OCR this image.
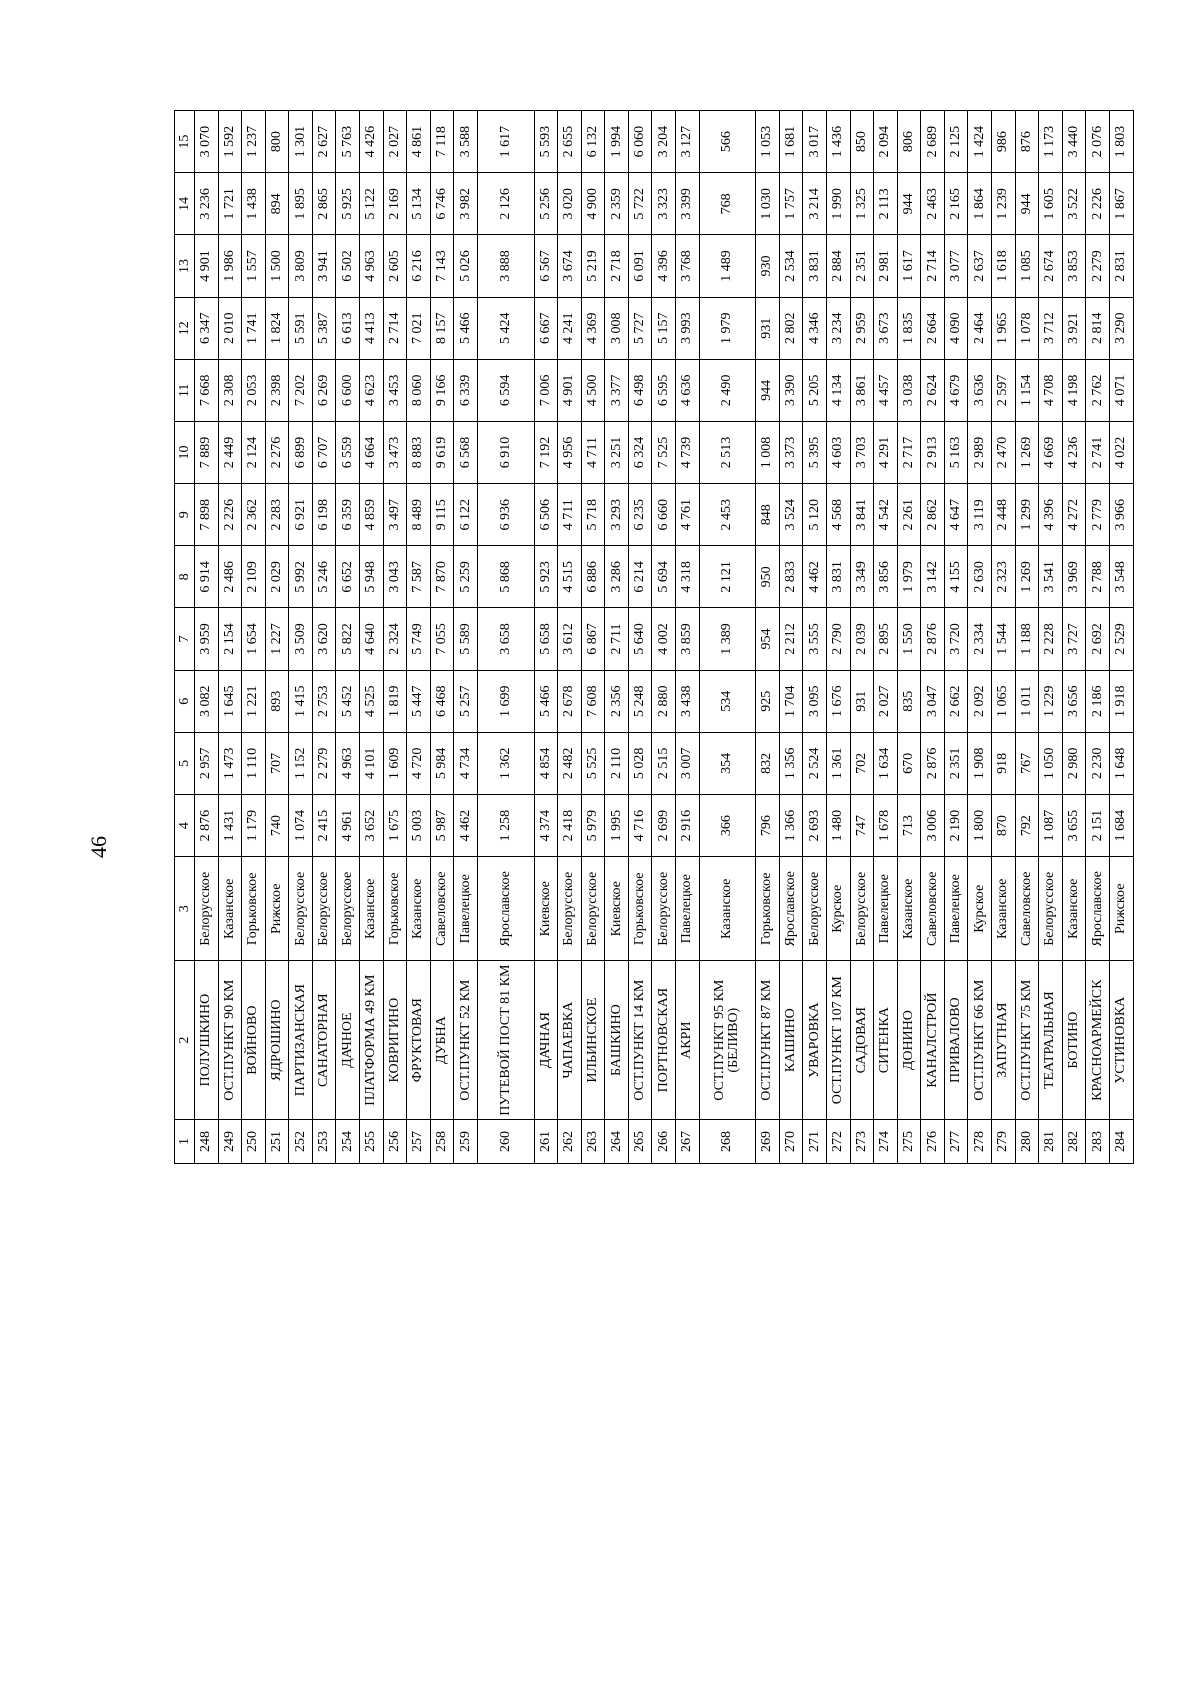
46
1	2	3	4	5	6	7	8	9	10	11	12	13	14	15
248	ПОЛУШКИНО	Белорусское	2 876	2 957	3 082	3 959	6 914	7 898	7 889	7 668	6 347	4 901	3 236	3 070
249	ОСТ.ПУНКТ 90 КМ	Казанское	1 431	1 473	1 645	2 154	2 486	2 226	2 449	2 308	2 010	1 986	1 721	1 592
250	ВОЙНОВО	Горьковское	1 179	1 110	1 221	1 654	2 109	2 362	2 124	2 053	1 741	1 557	1 438	1 237
251	ЯДРОШИНО	Рижское	740	707	893	1 227	2 029	2 283	2 276	2 398	1 824	1 500	894	800
252	ПАРТИЗАНСКАЯ	Белорусское	1 074	1 152	1 415	3 509	5 992	6 921	6 899	7 202	5 591	3 809	1 895	1 301
253	САНАТОРНАЯ	Белорусское	2 415	2 279	2 753	3 620	5 246	6 198	6 707	6 269	5 387	3 941	2 865	2 627
254	ДАЧНОЕ	Белорусское	4 961	4 963	5 452	5 822	6 652	6 359	6 559	6 600	6 613	6 502	5 925	5 763
255	ПЛАТФОРМА 49 КМ	Казанское	3 652	4 101	4 525	4 640	5 948	4 859	4 664	4 623	4 413	4 963	5 122	4 426
256	КОВРИГИНО	Горьковское	1 675	1 609	1 819	2 324	3 043	3 497	3 473	3 453	2 714	2 605	2 169	2 027
257	ФРУКТОВАЯ	Казанское	5 003	4 720	5 447	5 749	7 587	8 489	8 883	8 060	7 021	6 216	5 134	4 861
258	ДУБНА	Савеловское	5 987	5 984	6 468	7 055	7 870	9 115	9 619	9 166	8 157	7 143	6 746	7 118
259	ОСТ.ПУНКТ 52 КМ	Павелецкое	4 462	4 734	5 257	5 589	5 259	6 122	6 568	6 339	5 466	5 026	3 982	3 588
260	ПУТЕВОЙ ПОСТ 81 КМ	Ярославское	1 258	1 362	1 699	3 658	5 868	6 936	6 910	6 594	5 424	3 888	2 126	1 617
261	ДАЧНАЯ	Киевское	4 374	4 854	5 466	5 658	5 923	6 506	7 192	7 006	6 667	6 567	5 256	5 593
262	ЧАПАЕВКА	Белорусское	2 418	2 482	2 678	3 612	4 515	4 711	4 956	4 901	4 241	3 674	3 020	2 655
263	ИЛЬИНСКОЕ	Белорусское	5 979	5 525	7 608	6 867	6 886	5 718	4 711	4 500	4 369	5 219	4 900	6 132
264	БАШКИНО	Киевское	1 995	2 110	2 356	2 711	3 286	3 293	3 251	3 377	3 008	2 718	2 359	1 994
265	ОСТ.ПУНКТ 14 КМ	Горьковское	4 716	5 028	5 248	5 640	6 214	6 235	6 324	6 498	5 727	6 091	5 722	6 060
266	ПОРТНОВСКАЯ	Белорусское	2 699	2 515	2 880	4 002	5 694	6 660	7 525	6 595	5 157	4 396	3 323	3 204
267	АКРИ	Павелецкое	2 916	3 007	3 438	3 859	4 318	4 761	4 739	4 636	3 993	3 768	3 399	3 127
268	ОСТ.ПУНКТ 95 КМ (БЕЛИВО)	Казанское	366	354	534	1 389	2 121	2 453	2 513	2 490	1 979	1 489	768	566
269	ОСТ.ПУНКТ 87 КМ	Горьковское	796	832	925	954	950	848	1 008	944	931	930	1 030	1 053
270	КАШИНО	Ярославское	1 366	1 356	1 704	2 212	2 833	3 524	3 373	3 390	2 802	2 534	1 757	1 681
271	УВАРОВКА	Белорусское	2 693	2 524	3 095	3 555	4 462	5 120	5 395	5 205	4 346	3 831	3 214	3 017
272	ОСТ.ПУНКТ 107 КМ	Курское	1 480	1 361	1 676	2 790	3 831	4 568	4 603	4 134	3 234	2 884	1 990	1 436
273	САДОВАЯ	Белорусское	747	702	931	2 039	3 349	3 841	3 703	3 861	2 959	2 351	1 325	850
274	СИТЕНКА	Павелецкое	1 678	1 634	2 027	2 895	3 856	4 542	4 291	4 457	3 673	2 981	2 113	2 094
275	ДОНИНО	Казанское	713	670	835	1 550	1 979	2 261	2 717	3 038	1 835	1 617	944	806
276	КАНАЛСТРОЙ	Савеловское	3 006	2 876	3 047	2 876	3 142	2 862	2 913	2 624	2 664	2 714	2 463	2 689
277	ПРИВАЛОВО	Павелецкое	2 190	2 351	2 662	3 720	4 155	4 647	5 163	4 679	4 090	3 077	2 165	2 125
278	ОСТ.ПУНКТ 66 КМ	Курское	1 800	1 908	2 092	2 334	2 630	3 119	2 989	3 636	2 464	2 637	1 864	1 424
279	ЗАПУТНАЯ	Казанское	870	918	1 065	1 544	2 323	2 448	2 470	2 597	1 965	1 618	1 239	986
280	ОСТ.ПУНКТ 75 КМ	Савеловское	792	767	1 011	1 188	1 269	1 299	1 269	1 154	1 078	1 085	944	876
281	ТЕАТРАЛЬНАЯ	Белорусское	1 087	1 050	1 229	2 228	3 541	4 396	4 669	4 708	3 712	2 674	1 605	1 173
282	БОТИНО	Казанское	3 655	2 980	3 656	3 727	3 969	4 272	4 236	4 198	3 921	3 853	3 522	3 440
283	КРАСНОАРМЕЙСК	Ярославское	2 151	2 230	2 186	2 692	2 788	2 779	2 741	2 762	2 814	2 279	2 226	2 076
284	УСТИНОВКА	Рижское	1 684	1 648	1 918	2 529	3 548	3 966	4 022	4 071	3 290	2 831	1 867	1 803
